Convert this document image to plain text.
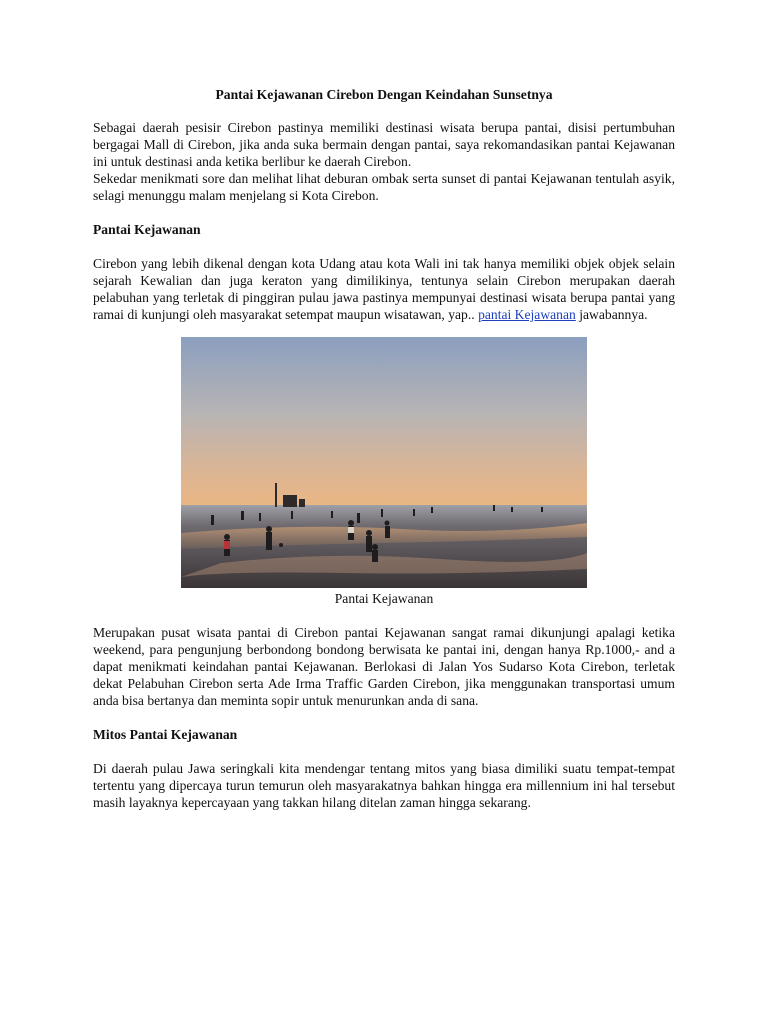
Pantai Kejawanan Cirebon Dengan Keindahan Sunsetnya

Sebagai daerah pesisir Cirebon pastinya memiliki destinasi wisata berupa pantai, disisi pertumbuhan bergagai Mall di Cirebon, jika anda suka bermain dengan pantai, saya rekomandasikan pantai Kejawanan ini untuk destinasi anda ketika berlibur ke daerah Cirebon.

Sekedar menikmati sore dan melihat lihat deburan ombak serta sunset di pantai Kejawanan tentulah asyik, selagi menunggu malam menjelang si Kota Cirebon.

Pantai Kejawanan

Cirebon yang lebih dikenal dengan kota Udang atau kota Wali ini tak hanya memiliki objek objek selain sejarah Kewalian dan juga keraton yang dimilikinya, tentunya selain Cirebon merupakan daerah pelabuhan yang terletak di pinggiran pulau jawa pastinya mempunyai destinasi wisata berupa pantai yang ramai di kunjungi oleh masyarakat setempat maupun wisatawan, yap.. pantai Kejawanan jawabannya.

Pantai Kejawanan

Merupakan pusat wisata pantai di Cirebon pantai Kejawanan sangat ramai dikunjungi apalagi ketika weekend, para pengunjung berbondong bondong berwisata ke pantai ini, dengan hanya Rp.1000,- and a dapat menikmati keindahan pantai Kejawanan. Berlokasi di Jalan Yos Sudarso Kota Cirebon, terletak dekat Pelabuhan Cirebon serta Ade Irma Traffic Garden Cirebon, jika menggunakan transportasi umum anda bisa bertanya dan meminta sopir untuk menurunkan anda di sana.

Mitos Pantai Kejawanan

Di daerah pulau Jawa seringkali kita mendengar tentang mitos yang biasa dimiliki suatu tempat-tempat tertentu yang dipercaya turun temurun oleh masyarakatnya bahkan hingga era millennium ini hal tersebut masih layaknya kepercayaan yang takkan hilang ditelan zaman hingga sekarang.
